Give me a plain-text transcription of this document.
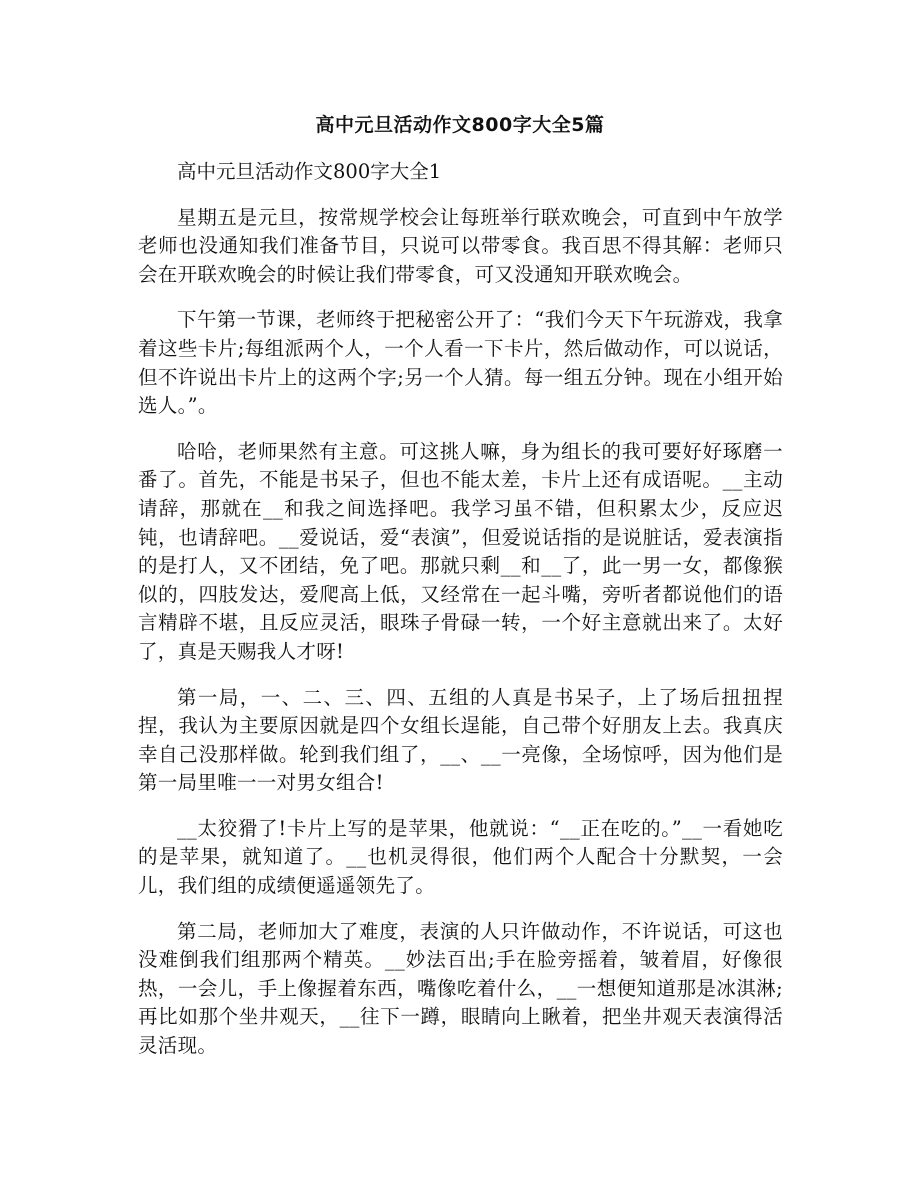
高中元旦活动作文800字大全5篇

高中元旦活动作文800字大全1

星期五是元旦，按常规学校会让每班举行联欢晚会，可直到中午放学老师也没通知我们准备节目，只说可以带零食。我百思不得其解：老师只会在开联欢晚会的时候让我们带零食，可又没通知开联欢晚会。

下午第一节课，老师终于把秘密公开了：“我们今天下午玩游戏，我拿着这些卡片;每组派两个人，一个人看一下卡片，然后做动作，可以说话，但不许说出卡片上的这两个字;另一个人猜。每一组五分钟。现在小组开始选人。”。

哈哈，老师果然有主意。可这挑人嘛，身为组长的我可要好好琢磨一番了。首先，不能是书呆子，但也不能太差，卡片上还有成语呢。__主动请辞，那就在__和我之间选择吧。我学习虽不错，但积累太少，反应迟钝，也请辞吧。__爱说话，爱“表演”，但爱说话指的是说脏话，爱表演指的是打人，又不团结，免了吧。那就只剩__和__了，此一男一女，都像猴似的，四肢发达，爱爬高上低，又经常在一起斗嘴，旁听者都说他们的语言精辟不堪，且反应灵活，眼珠子骨碌一转，一个好主意就出来了。太好了，真是天赐我人才呀!

第一局，一、二、三、四、五组的人真是书呆子，上了场后扭扭捏捏，我认为主要原因就是四个女组长逞能，自己带个好朋友上去。我真庆幸自己没那样做。轮到我们组了，__、__一亮像，全场惊呼，因为他们是第一局里唯一一对男女组合!

__太狡猾了!卡片上写的是苹果，他就说：“__正在吃的。”__一看她吃的是苹果，就知道了。__也机灵得很，他们两个人配合十分默契，一会儿，我们组的成绩便遥遥领先了。

第二局，老师加大了难度，表演的人只许做动作，不许说话，可这也没难倒我们组那两个精英。__妙法百出;手在脸旁摇着，皱着眉，好像很热，一会儿，手上像握着东西，嘴像吃着什么，__一想便知道那是冰淇淋;再比如那个坐井观天，__往下一蹲，眼睛向上瞅着，把坐井观天表演得活灵活现。
